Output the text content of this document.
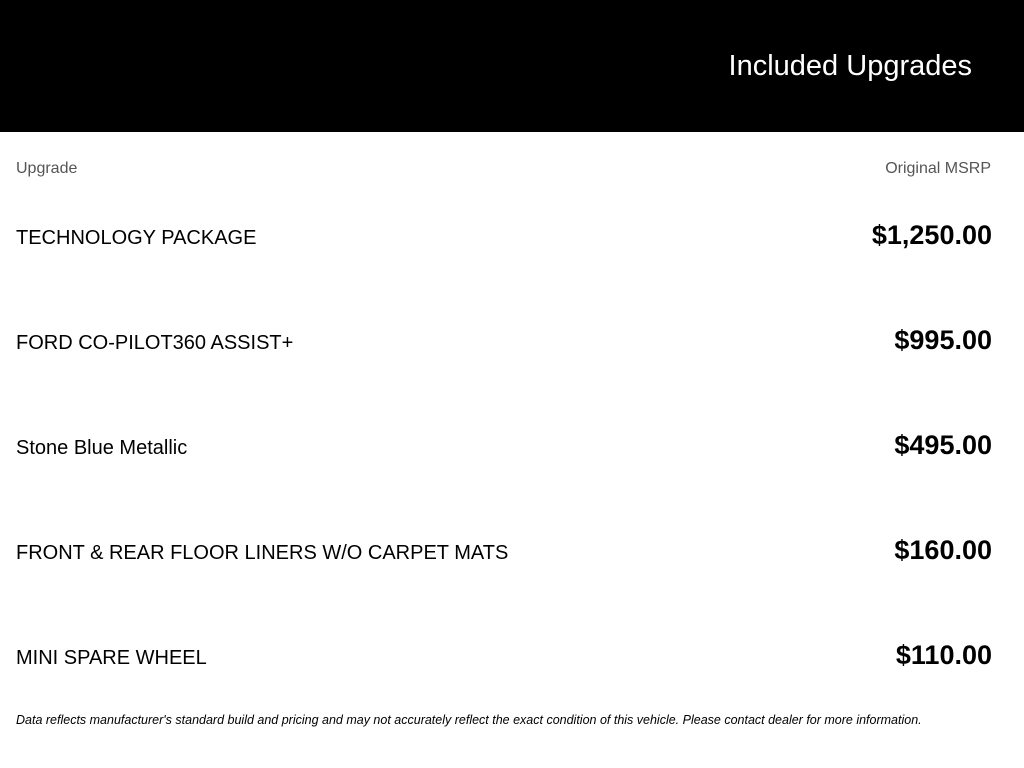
Included Upgrades
Upgrade	Original MSRP
TECHNOLOGY PACKAGE	$1,250.00
FORD CO-PILOT360 ASSIST+	$995.00
Stone Blue Metallic	$495.00
FRONT & REAR FLOOR LINERS W/O CARPET MATS	$160.00
MINI SPARE WHEEL	$110.00
Data reflects manufacturer's standard build and pricing and may not accurately reflect the exact condition of this vehicle. Please contact dealer for more information.
